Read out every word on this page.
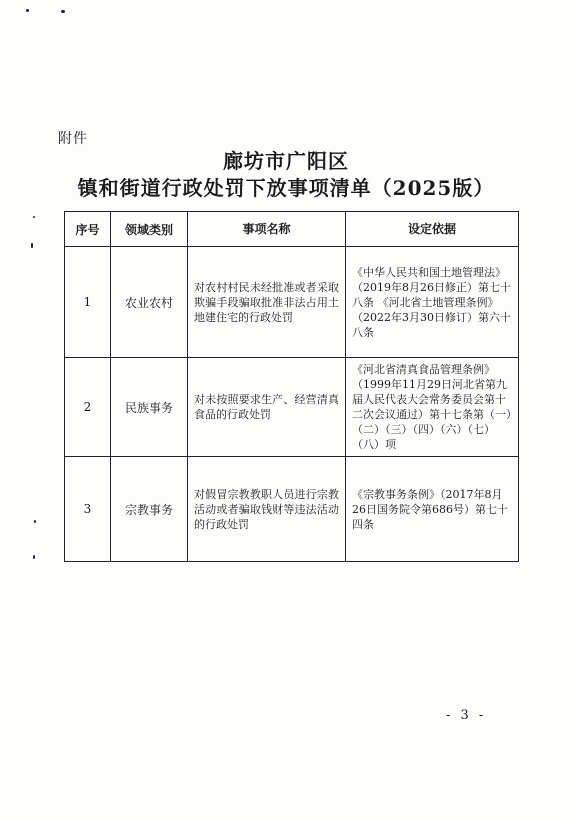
附件
廊坊市广阳区
镇和街道行政处罚下放事项清单（2025版）
序号	领域类别	事项名称	设定依据
1	农业农村	对农村村民未经批准或者采取欺骗手段骗取批准非法占用土地建住宅的行政处罚	《中华人民共和国土地管理法》（2019年8月26日修正）第七十八条 《河北省土地管理条例》（2022年3月30日修订）第六十八条
2	民族事务	对未按照要求生产、经营清真食品的行政处罚	《河北省清真食品管理条例》（1999年11月29日河北省第九届人民代表大会常务委员会第十二次会议通过）第十七条第（一）（二）（三）（四）（六）（七）（八）项
3	宗教事务	对假冒宗教教职人员进行宗教活动或者骗取钱财等违法活动的行政处罚	《宗教事务条例》（2017年8月26日国务院令第686号）第七十四条
- 3 -
